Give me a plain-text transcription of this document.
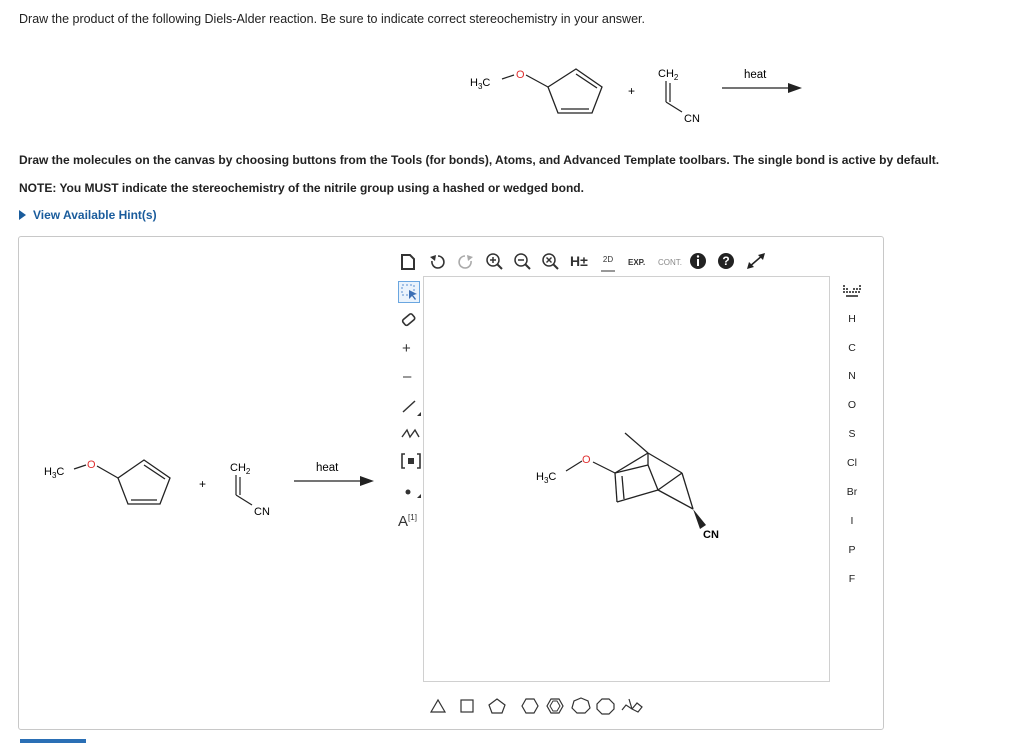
Draw the product of the following Diels-Alder reaction. Be sure to indicate correct stereochemistry in your answer.
$H_3C$
O
+
$CH_2$
CN
heat
Draw the molecules on the canvas by choosing buttons from the Tools (for bonds), Atoms, and Advanced Template toolbars. The single bond is active by default.
NOTE: You MUST indicate the stereochemistry of the nitrile group using a hashed or wedged bond.
View Available Hint(s)
$H_3C$
O
+
$CH_2$
CN
heat
H±	2D	EXP. CONT.	?
+
–
A[1]
$H_3C$
O
CN
H
C
N
O
S
Cl
Br
I
P
F
